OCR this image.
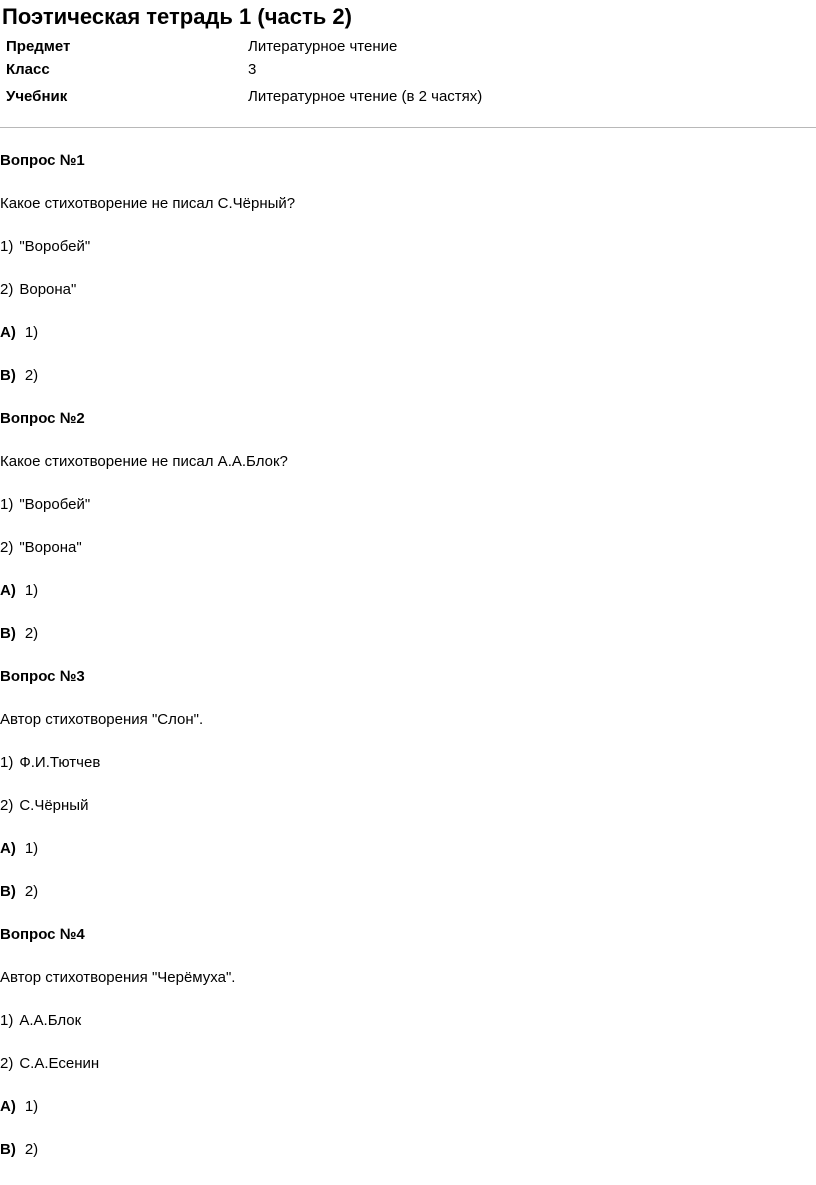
Поэтическая тетрадь 1 (часть 2)
Предмет	Литературное чтение
Класс	3
Учебник	Литературное чтение (в 2 частях)
Вопрос №1
Какое стихотворение не писал С.Чёрный?
1) "Воробей"
2) Ворона"
A) 1)
B) 2)
Вопрос №2
Какое стихотворение не писал А.А.Блок?
1) "Воробей"
2) "Ворона"
A) 1)
B) 2)
Вопрос №3
Автор стихотворения "Слон".
1) Ф.И.Тютчев
2) С.Чёрный
A) 1)
B) 2)
Вопрос №4
Автор стихотворения "Черёмуха".
1) А.А.Блок
2) С.А.Есенин
A) 1)
B) 2)
